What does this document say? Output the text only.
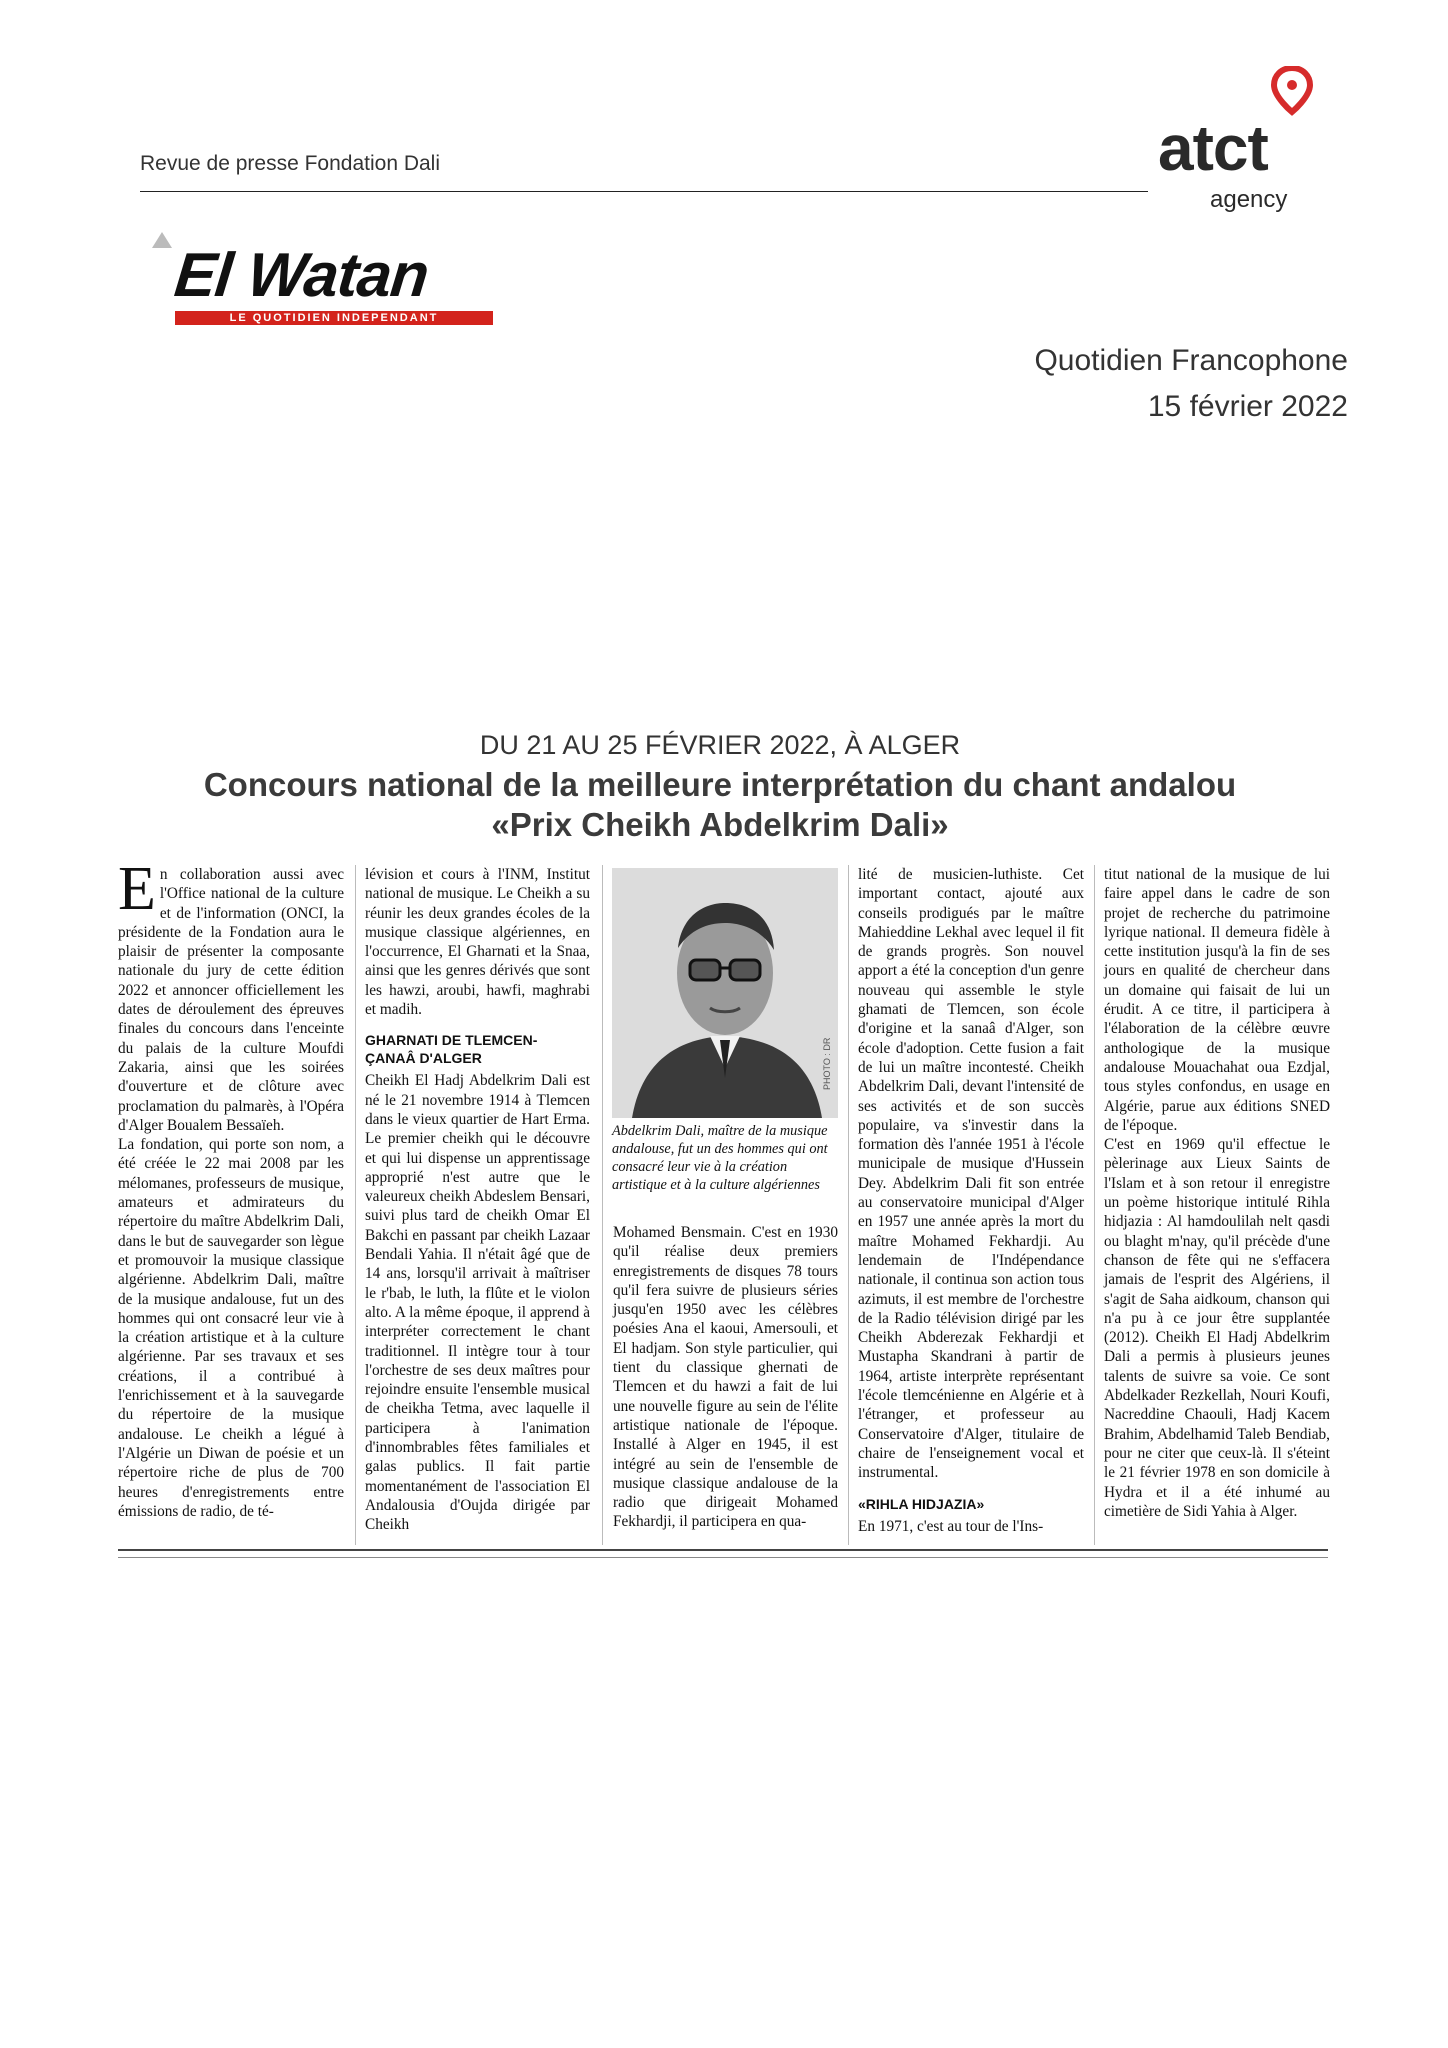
Revue de presse Fondation Dali	atct
agency
El Watan
LE QUOTIDIEN INDEPENDANT
Quotidien Francophone
15 février 2022
DU 21 AU 25 FÉVRIER 2022, À ALGER
Concours national de la meilleure interprétation du chant andalou
«Prix Cheikh Abdelkrim Dali»

En collaboration aussi avec l'Office national de la culture et de l'information (ONCI, la présidente de la Fondation aura le plaisir de présenter la composante nationale du jury de cette édition 2022 et annoncer officiellement les dates de déroulement des épreuves finales du concours dans l'enceinte du palais de la culture Moufdi Zakaria, ainsi que les soirées d'ouverture et de clôture avec proclamation du palmarès, à l'Opéra d'Alger Boualem Bessaïeh.

La fondation, qui porte son nom, a été créée le 22 mai 2008 par les mélomanes, professeurs de musique, amateurs et admirateurs du répertoire du maître Abdelkrim Dali, dans le but de sauvegarder son lègue et promouvoir la musique classique algérienne. Abdelkrim Dali, maître de la musique andalouse, fut un des hommes qui ont consacré leur vie à la création artistique et à la culture algérienne. Par ses travaux et ses créations, il a contribué à l'enrichissement et à la sauvegarde du répertoire de la musique andalouse. Le cheikh a légué à l'Algérie un Diwan de poésie et un répertoire riche de plus de 700 heures d'enregistrements entre émissions de radio, de té-

lévision et cours à l'INM, Institut national de musique. Le Cheikh a su réunir les deux grandes écoles de la musique classique algériennes, en l'occurrence, El Gharnati et la Snaa, ainsi que les genres dérivés que sont les hawzi, aroubi, hawfi, maghrabi et madih.

GHARNATI DE TLEMCEN-
ÇANAÂ D'ALGER

Cheikh El Hadj Abdelkrim Dali est né le 21 novembre 1914 à Tlemcen dans le vieux quartier de Hart Erma. Le premier cheikh qui le découvre et qui lui dispense un apprentissage approprié n'est autre que le valeureux cheikh Abdeslem Bensari, suivi plus tard de cheikh Omar El Bakchi en passant par cheikh Lazaar Bendali Yahia. Il n'était âgé que de 14 ans, lorsqu'il arrivait à maîtriser le r'bab, le luth, la flûte et le violon alto. A la même époque, il apprend à interpréter correctement le chant traditionnel. Il intègre tour à tour l'orchestre de ses deux maîtres pour rejoindre ensuite l'ensemble musical de cheikha Tetma, avec laquelle il participera à l'animation d'innombrables fêtes familiales et galas publics. Il fait partie momentanément de l'association El Andalousia d'Oujda dirigée par Cheikh

PHOTO : DR
Abdelkrim Dali, maître de la musique andalouse, fut un des hommes qui ont consacré leur vie à la création artistique et à la culture algériennes

Mohamed Bensmain. C'est en 1930 qu'il réalise deux premiers enregistrements de disques 78 tours qu'il fera suivre de plusieurs séries jusqu'en 1950 avec les célèbres poésies Ana el kaoui, Amersouli, et El hadjam. Son style particulier, qui tient du classique ghernati de Tlemcen et du hawzi a fait de lui une nouvelle figure au sein de l'élite artistique nationale de l'époque. Installé à Alger en 1945, il est intégré au sein de l'ensemble de musique classique andalouse de la radio que dirigeait Mohamed Fekhardji, il participera en qua-

lité de musicien-luthiste. Cet important contact, ajouté aux conseils prodigués par le maître Mahieddine Lekhal avec lequel il fit de grands progrès. Son nouvel apport a été la conception d'un genre nouveau qui assemble le style ghamati de Tlemcen, son école d'origine et la sanaâ d'Alger, son école d'adoption. Cette fusion a fait de lui un maître incontesté. Cheikh Abdelkrim Dali, devant l'intensité de ses activités et de son succès populaire, va s'investir dans la formation dès l'année 1951 à l'école municipale de musique d'Hussein Dey. Abdelkrim Dali fit son entrée au conservatoire municipal d'Alger en 1957 une année après la mort du maître Mohamed Fekhardji. Au lendemain de l'Indépendance nationale, il continua son action tous azimuts, il est membre de l'orchestre de la Radio télévision dirigé par les Cheikh Abderezak Fekhardji et Mustapha Skandrani à partir de 1964, artiste interprète représentant l'école tlemcénienne en Algérie et à l'étranger, et professeur au Conservatoire d'Alger, titulaire de chaire de l'enseignement vocal et instrumental.

«RIHLA HIDJAZIA»

En 1971, c'est au tour de l'Ins-

titut national de la musique de lui faire appel dans le cadre de son projet de recherche du patrimoine lyrique national. Il demeura fidèle à cette institution jusqu'à la fin de ses jours en qualité de chercheur dans un domaine qui faisait de lui un érudit. A ce titre, il participera à l'élaboration de la célèbre œuvre anthologique de la musique andalouse Mouachahat oua Ezdjal, tous styles confondus, en usage en Algérie, parue aux éditions SNED de l'époque.

C'est en 1969 qu'il effectue le pèlerinage aux Lieux Saints de l'Islam et à son retour il enregistre un poème historique intitulé Rihla hidjazia : Al hamdoulilah nelt qasdi ou blaght m'nay, qu'il précède d'une chanson de fête qui ne s'effacera jamais de l'esprit des Algériens, il s'agit de Saha aidkoum, chanson qui n'a pu à ce jour être supplantée (2012). Cheikh El Hadj Abdelkrim Dali a permis à plusieurs jeunes talents de suivre sa voie. Ce sont Abdelkader Rezkellah, Nouri Koufi, Nacreddine Chaouli, Hadj Kacem Brahim, Abdelhamid Taleb Bendiab, pour ne citer que ceux-là. Il s'éteint le 21 février 1978 en son domicile à Hydra et il a été inhumé au cimetière de Sidi Yahia à Alger.
